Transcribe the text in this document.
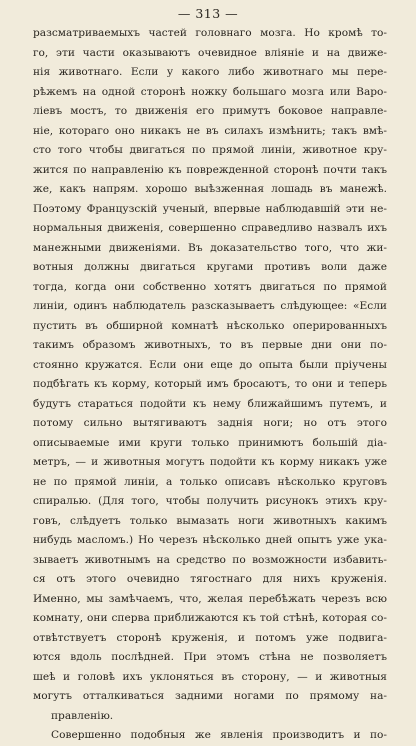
— 313 —
разсматриваемыхъ частей головнаго мозга. Но кромѣ то-
го, эти части оказываютъ очевидное вліяніе и на движе-
нія животнаго. Если у какого либо животнаго мы пере-
рѣжемъ на одной сторонѣ ножку большаго мозга или Варо-
ліевъ мостъ, то движенія его примутъ боковое направле-
ніе, котораго оно никакъ не въ силахъ измѣнить; такъ вмѣ-
сто того чтобы двигаться по прямой линіи, животное кру-
жится по направленію къ поврежденной сторонѣ почти такъ
же, какъ напрям. хорошо выѣзженная лошадь въ манежѣ.
Поэтому Французскій ученый, впервые наблюдавшій эти не-
нормальныя движенія, совершенно справедливо назвалъ ихъ
манежными движеніями. Въ доказательство того, что жи-
вотныя должны двигаться кругами противъ воли даже
тогда, когда они собственно хотятъ двигаться по прямой
линіи, одинъ наблюдатель разсказываетъ слѣдующее: «Если
пустить въ обширной комнатѣ нѣсколько оперированныхъ
такимъ образомъ животныхъ, то въ первые дни они по-
стоянно кружатся. Если они еще до опыта были пріучены
подбѣгать къ корму, который имъ бросаютъ, то они и теперь
будутъ стараться подойти къ нему ближайшимъ путемъ, и
потому сильно вытягиваютъ заднія ноги; но отъ этого
описываемые ими круги только принимютъ большій діа-
метръ, — и животныя могутъ подойти къ корму никакъ уже
не по прямой линіи, а только описавъ нѣсколько круговъ
спиралью. (Для того, чтобы получить рисунокъ этихъ кру-
говъ, слѣдуетъ только вымазать ноги животныхъ какимъ
нибудь масломъ.) Но черезъ нѣсколько дней опытъ уже ука-
зываетъ животнымъ на средство по возможности избавить-
ся отъ этого очевидно тягостнаго для нихъ круженія.
Именно, мы замѣчаемъ, что, желая перебѣжать черезъ всю
комнату, они сперва приближаются къ той стѣнѣ, которая со-
отвѣтствуетъ сторонѣ круженія, и потомъ уже подвига-
ются вдоль послѣдней. При этомъ стѣна не позволяетъ
шеѣ и головѣ ихъ уклоняться въ сторону, — и животныя
могутъ отталкиваться задними ногами по прямому на-
правленію.
Совершенно подобныя же явленія производитъ и по-
